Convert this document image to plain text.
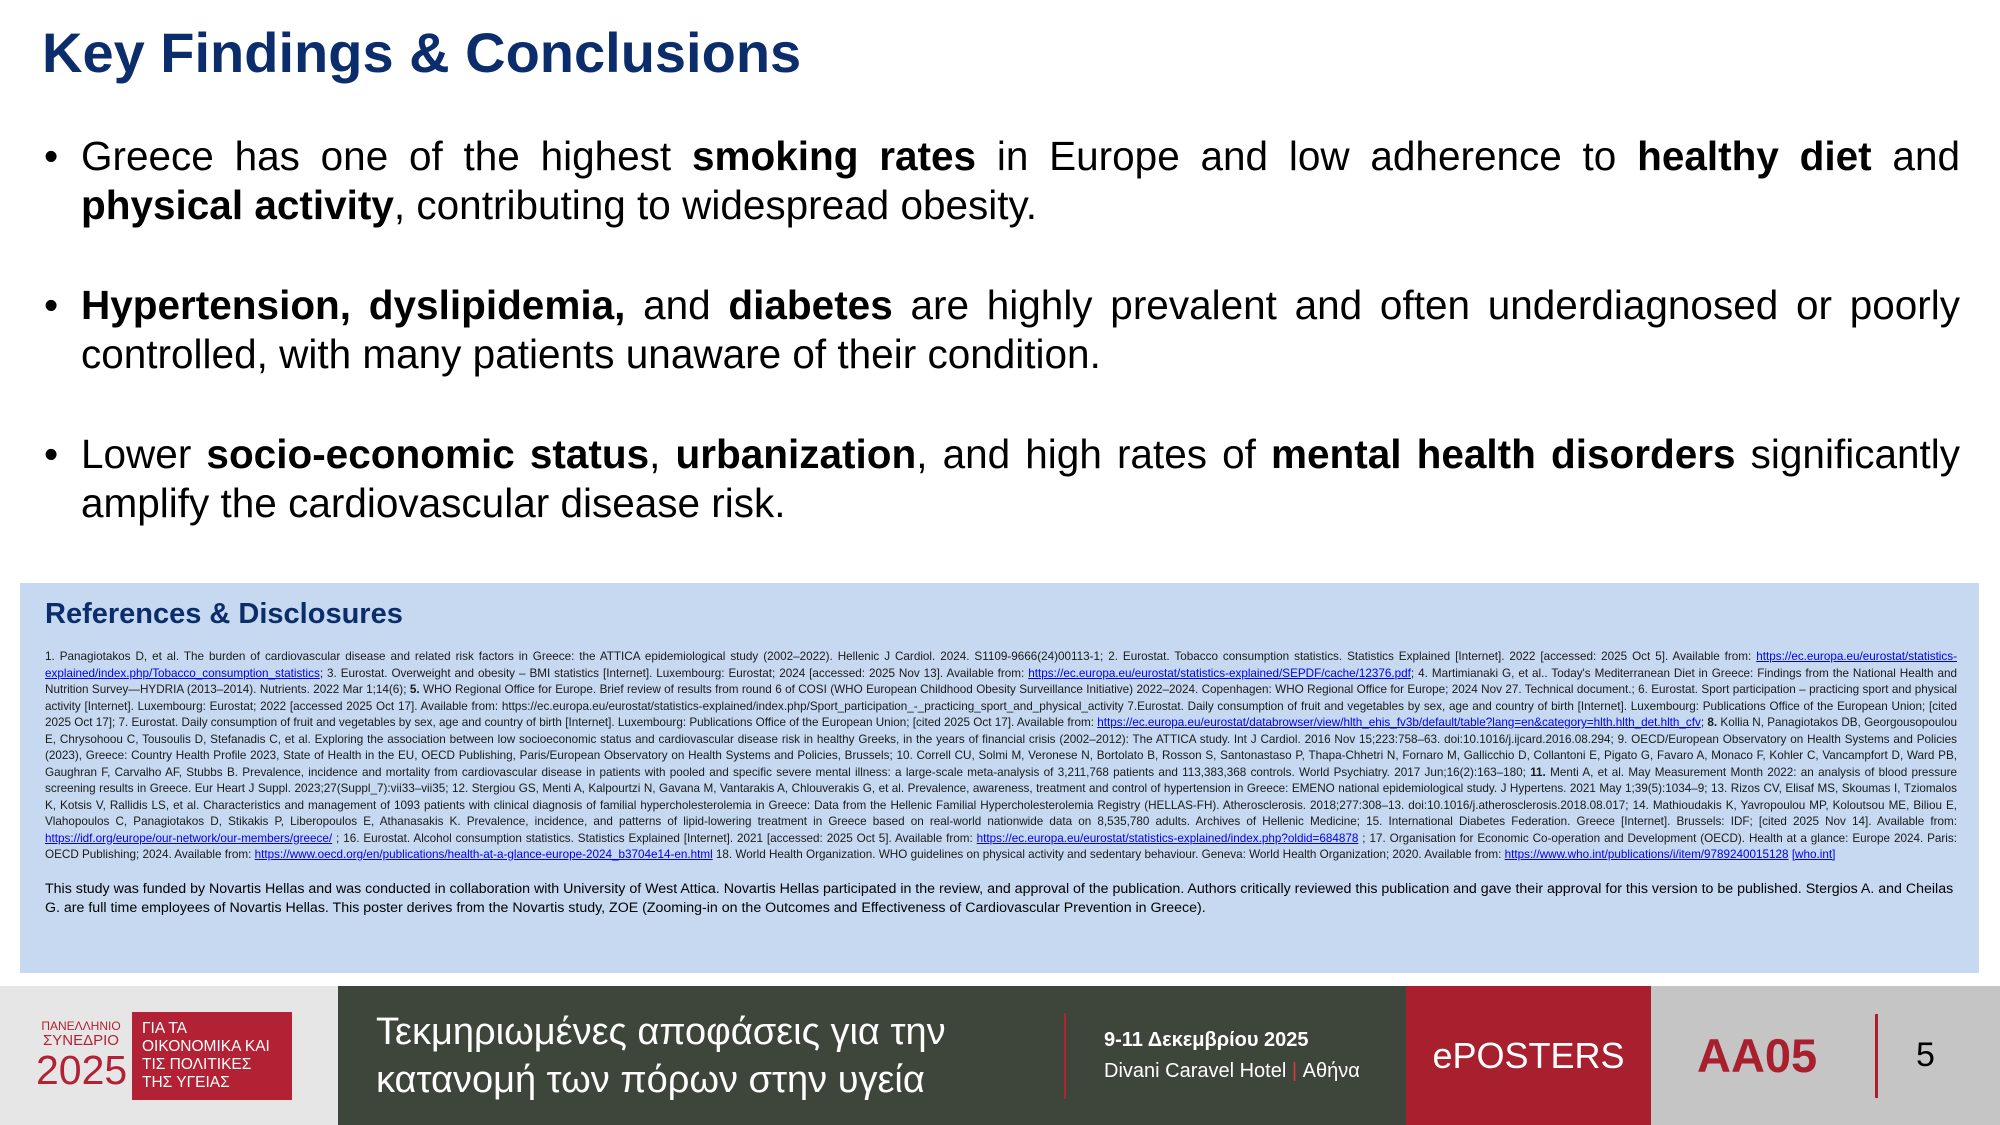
Key Findings & Conclusions
• Greece has one of the highest smoking rates in Europe and low adherence to healthy diet and physical activity, contributing to widespread obesity.
• Hypertension, dyslipidemia, and diabetes are highly prevalent and often underdiagnosed or poorly controlled, with many patients unaware of their condition.
• Lower socio-economic status, urbanization, and high rates of mental health disorders significantly amplify the cardiovascular disease risk.
References & Disclosures
1. Panagiotakos D, et al. The burden of cardiovascular disease and related risk factors in Greece: the ATTICA epidemiological study (2002–2022). Hellenic J Cardiol. 2024. S1109-9666(24)00113-1; 2. Eurostat. Tobacco consumption statistics. Statistics Explained [Internet]. 2022 [accessed: 2025 Oct 5]. Available from: https://ec.europa.eu/eurostat/statistics-explained/index.php/Tobacco_consumption_statistics; 3. Eurostat. Overweight and obesity – BMI statistics [Internet]. Luxembourg: Eurostat; 2024 [accessed: 2025 Nov 13]. Available from: https://ec.europa.eu/eurostat/statistics-explained/SEPDF/cache/12376.pdf; 4. Martimianaki G, et al.. Today's Mediterranean Diet in Greece: Findings from the National Health and Nutrition Survey—HYDRIA (2013–2014). Nutrients. 2022 Mar 1;14(6); 5. WHO Regional Office for Europe. Brief review of results from round 6 of COSI (WHO European Childhood Obesity Surveillance Initiative) 2022–2024. Copenhagen: WHO Regional Office for Europe; 2024 Nov 27. Technical document.; 6. Eurostat. Sport participation – practicing sport and physical activity [Internet]. Luxembourg: Eurostat; 2022 [accessed 2025 Oct 17]. Available from: https://ec.europa.eu/eurostat/statistics-explained/index.php/Sport_participation_-_practicing_sport_and_physical_activity 7.Eurostat. Daily consumption of fruit and vegetables by sex, age and country of birth [Internet]. Luxembourg: Publications Office of the European Union; [cited 2025 Oct 17]; 7. Eurostat. Daily consumption of fruit and vegetables by sex, age and country of birth [Internet]. Luxembourg: Publications Office of the European Union; [cited 2025 Oct 17]. Available from: https://ec.europa.eu/eurostat/databrowser/view/hlth_ehis_fv3b/default/table?lang=en&category=hlth.hlth_det.hlth_cfv; 8. Kollia N, Panagiotakos DB, Georgousopoulou E, Chrysohoou C, Tousoulis D, Stefanadis C, et al. Exploring the association between low socioeconomic status and cardiovascular disease risk in healthy Greeks, in the years of financial crisis (2002–2012): The ATTICA study. Int J Cardiol. 2016 Nov 15;223:758–63. doi:10.1016/j.ijcard.2016.08.294; 9. OECD/European Observatory on Health Systems and Policies (2023), Greece: Country Health Profile 2023, State of Health in the EU, OECD Publishing, Paris/European Observatory on Health Systems and Policies, Brussels; 10. Correll CU, Solmi M, Veronese N, Bortolato B, Rosson S, Santonastaso P, Thapa-Chhetri N, Fornaro M, Gallicchio D, Collantoni E, Pigato G, Favaro A, Monaco F, Kohler C, Vancampfort D, Ward PB, Gaughran F, Carvalho AF, Stubbs B. Prevalence, incidence and mortality from cardiovascular disease in patients with pooled and specific severe mental illness: a large-scale meta-analysis of 3,211,768 patients and 113,383,368 controls. World Psychiatry. 2017 Jun;16(2):163–180; 11. Menti A, et al. May Measurement Month 2022: an analysis of blood pressure screening results in Greece. Eur Heart J Suppl. 2023;27(Suppl_7):vii33–vii35; 12. Stergiou GS, Menti A, Kalpourtzi N, Gavana M, Vantarakis A, Chlouverakis G, et al. Prevalence, awareness, treatment and control of hypertension in Greece: EMENO national epidemiological study. J Hypertens. 2021 May 1;39(5):1034–9; 13. Rizos CV, Elisaf MS, Skoumas I, Tziomalos K, Kotsis V, Rallidis LS, et al. Characteristics and management of 1093 patients with clinical diagnosis of familial hypercholesterolemia in Greece: Data from the Hellenic Familial Hypercholesterolemia Registry (HELLAS-FH). Atherosclerosis. 2018;277:308–13. doi:10.1016/j.atherosclerosis.2018.08.017; 14. Mathioudakis K, Yavropoulou MP, Koloutsou ME, Biliou E, Vlahopoulos C, Panagiotakos D, Stikakis P, Liberopoulos E, Athanasakis K. Prevalence, incidence, and patterns of lipid-lowering treatment in Greece based on real-world nationwide data on 8,535,780 adults. Archives of Hellenic Medicine; 15. International Diabetes Federation. Greece [Internet]. Brussels: IDF; [cited 2025 Nov 14]. Available from: https://idf.org/europe/our-network/our-members/greece/ ; 16. Eurostat. Alcohol consumption statistics. Statistics Explained [Internet]. 2021 [accessed: 2025 Oct 5]. Available from: https://ec.europa.eu/eurostat/statistics-explained/index.php?oldid=684878 ; 17. Organisation for Economic Co-operation and Development (OECD). Health at a glance: Europe 2024. Paris: OECD Publishing; 2024. Available from: https://www.oecd.org/en/publications/health-at-a-glance-europe-2024_b3704e14-en.html 18. World Health Organization. WHO guidelines on physical activity and sedentary behaviour. Geneva: World Health Organization; 2020. Available from: https://www.who.int/publications/i/item/9789240015128 [who.int]
This study was funded by Novartis Hellas and was conducted in collaboration with University of West Attica. Novartis Hellas participated in the review, and approval of the publication. Authors critically reviewed this publication and gave their approval for this version to be published. Stergios A. and Cheilas G. are full time employees of Novartis Hellas. This poster derives from the Novartis study, ZOE (Zooming-in on the Outcomes and Effectiveness of Cardiovascular Prevention in Greece).
ΠΑΝΕΛΛΗΝΙΟ
ΣΥΝΕΔΡΙΟ
2025
ΓΙΑ ΤΑ ΟΙΚΟΝΟΜΙΚΑ ΚΑΙ ΤΙΣ ΠΟΛΙΤΙΚΕΣ ΤΗΣ ΥΓΕΙΑΣ
Τεκμηριωμένες αποφάσεις για την κατανομή των πόρων στην υγεία
9-11 Δεκεμβρίου 2025
Divani Caravel Hotel | Αθήνα	ePOSTERS	AA05	5
